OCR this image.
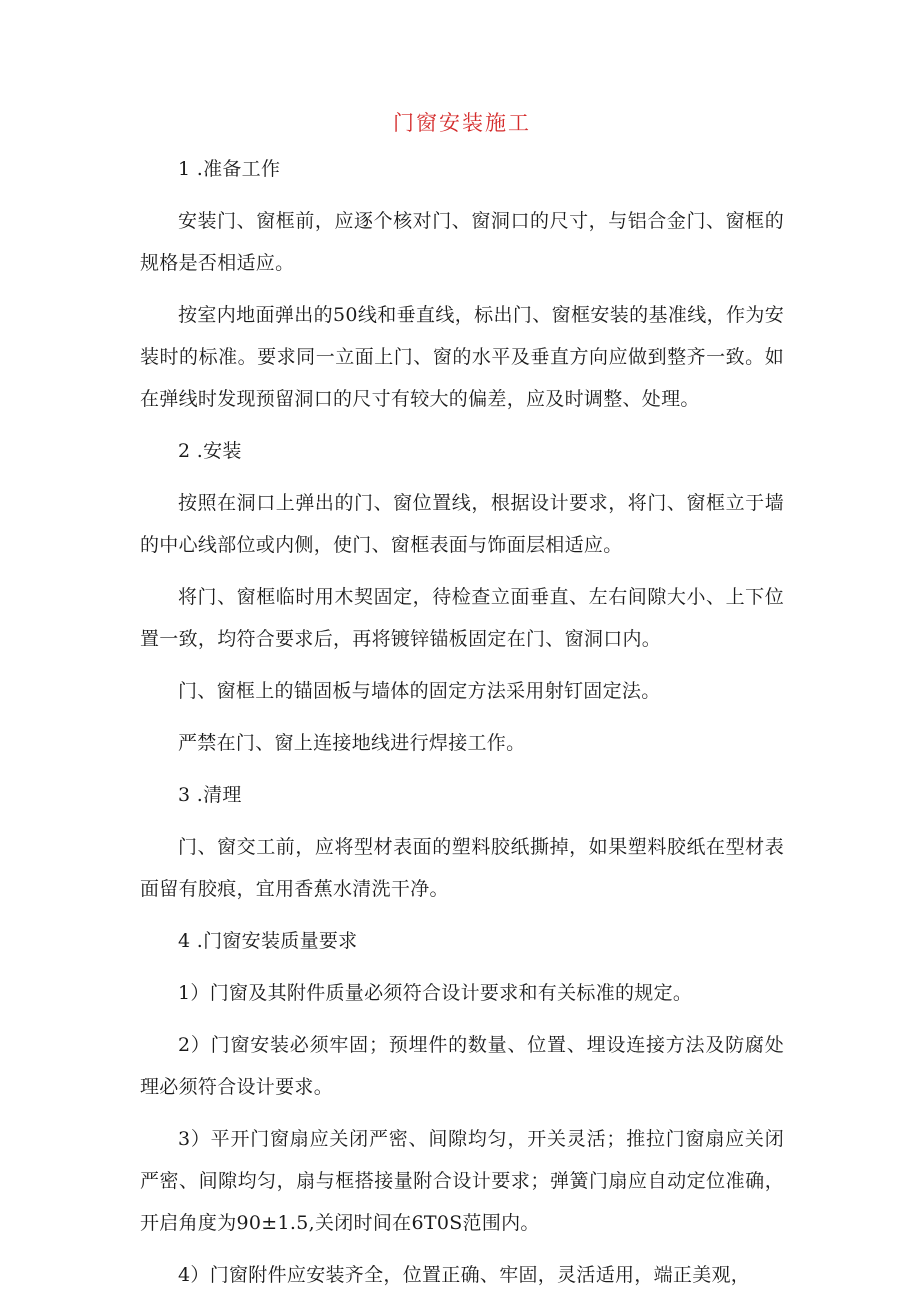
门窗安装施工

1 .准备工作

安装门、窗框前，应逐个核对门、窗洞口的尺寸，与铝合金门、窗框的规格是否相适应。

按室内地面弹出的50线和垂直线，标出门、窗框安装的基准线，作为安装时的标准。要求同一立面上门、窗的水平及垂直方向应做到整齐一致。如在弹线时发现预留洞口的尺寸有较大的偏差，应及时调整、处理。

2 .安装

按照在洞口上弹出的门、窗位置线，根据设计要求，将门、窗框立于墙的中心线部位或内侧，使门、窗框表面与饰面层相适应。

将门、窗框临时用木契固定，待检查立面垂直、左右间隙大小、上下位置一致，均符合要求后，再将镀锌锚板固定在门、窗洞口内。

门、窗框上的锚固板与墙体的固定方法采用射钉固定法。

严禁在门、窗上连接地线进行焊接工作。

3 .清理

门、窗交工前，应将型材表面的塑料胶纸撕掉，如果塑料胶纸在型材表面留有胶痕，宜用香蕉水清洗干净。

4 .门窗安装质量要求

1）门窗及其附件质量必须符合设计要求和有关标准的规定。

2）门窗安装必须牢固；预埋件的数量、位置、埋设连接方法及防腐处理必须符合设计要求。

3）平开门窗扇应关闭严密、间隙均匀，开关灵活；推拉门窗扇应关闭严密、间隙均匀，扇与框搭接量附合设计要求；弹簧门扇应自动定位准确，开启角度为90±1.5,关闭时间在6T0S范围内。

4）门窗附件应安装齐全，位置正确、牢固，灵活适用，端正美观，
